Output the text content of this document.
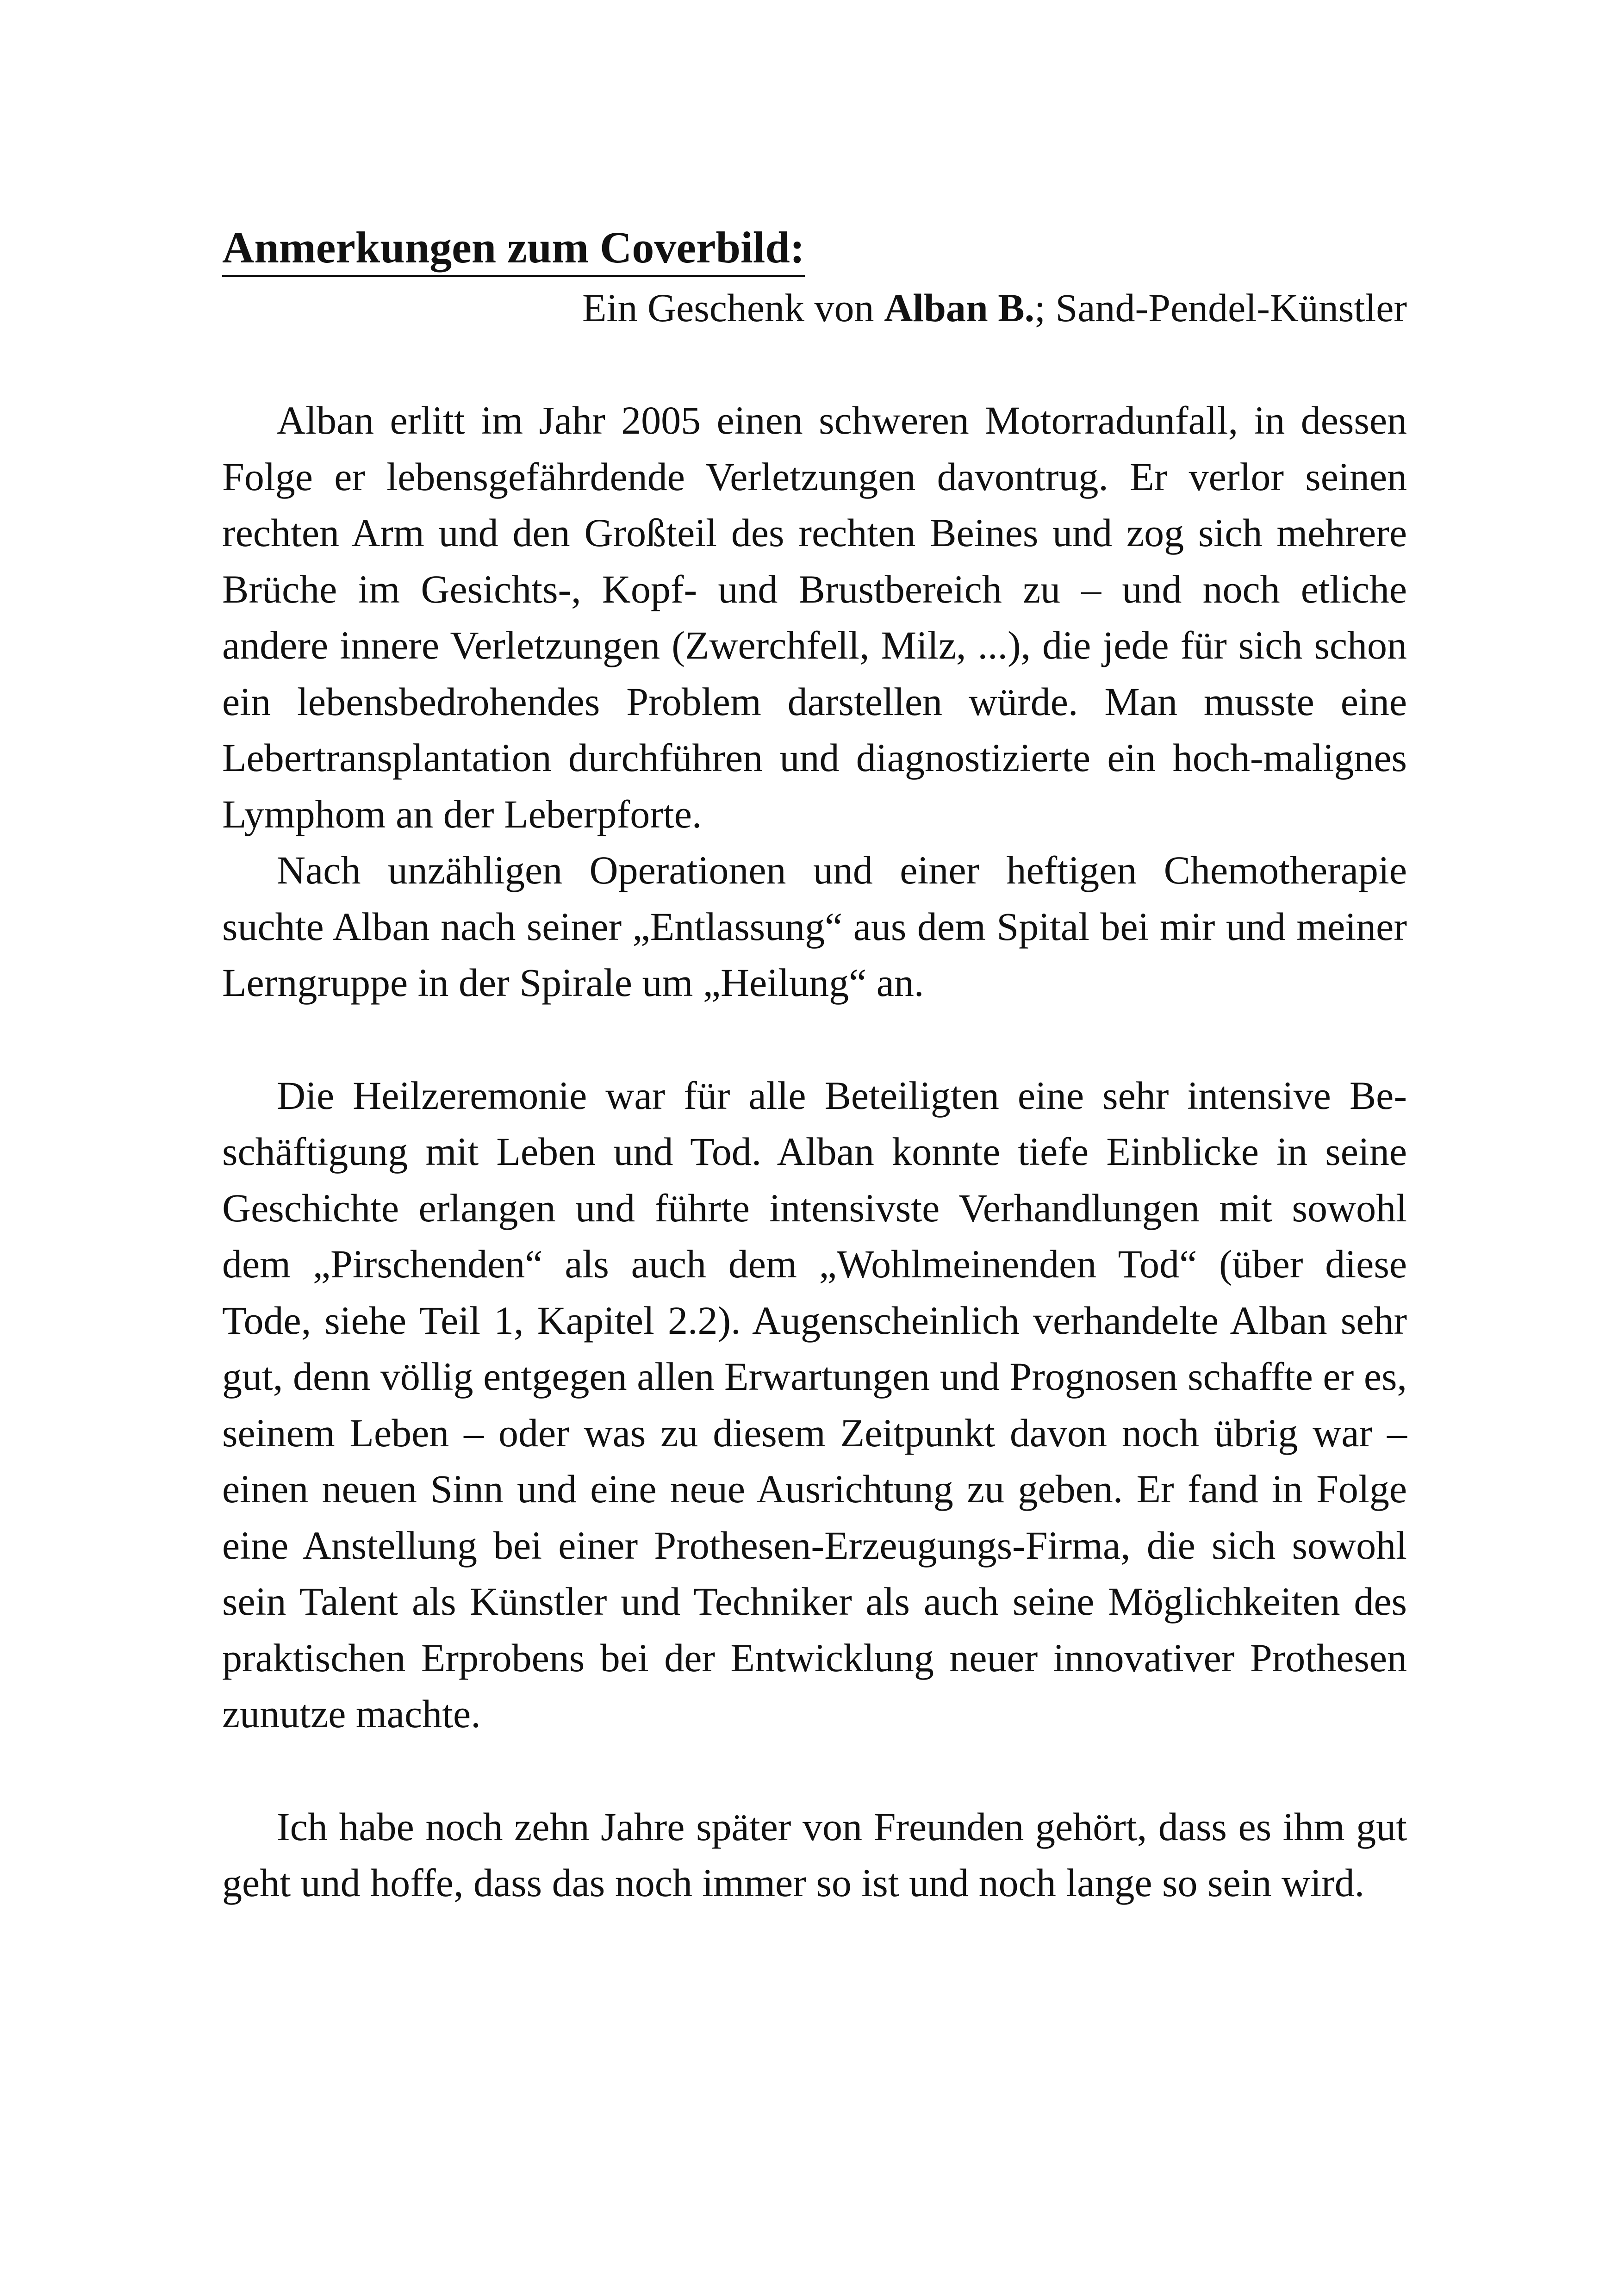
Anmerkungen zum Coverbild:

Ein Geschenk von Alban B.; Sand-Pendel-Künstler

Alban erlitt im Jahr 2005 einen schweren Motorradunfall, in dessen Folge er lebensgefährdende Verletzungen davontrug. Er verlor seinen rechten Arm und den Großteil des rechten Beines und zog sich mehrere Brüche im Gesichts-, Kopf- und Brustbereich zu – und noch etliche andere innere Verletzungen (Zwerchfell, Milz, ...), die jede für sich schon ein lebensbedrohendes Problem darstellen würde. Man musste eine Lebertransplantation durchführen und diagnostizierte ein hoch-malignes Lymphom an der Leberpforte.

Nach unzähligen Operationen und einer heftigen Chemotherapie suchte Alban nach seiner „Entlassung“ aus dem Spital bei mir und meiner Lerngruppe in der Spirale um „Heilung“ an.

Die Heilzeremonie war für alle Beteiligten eine sehr intensive Beschäftigung mit Leben und Tod. Alban konnte tiefe Einblicke in seine Geschichte erlangen und führte intensivste Verhandlungen mit sowohl dem „Pirschenden“ als auch dem „Wohlmeinenden Tod“ (über diese Tode, siehe Teil 1, Kapitel 2.2). Augenscheinlich verhandelte Alban sehr gut, denn völlig entgegen allen Erwartungen und Prognosen schaffte er es, seinem Leben – oder was zu diesem Zeitpunkt davon noch übrig war – einen neuen Sinn und eine neue Ausrichtung zu geben. Er fand in Folge eine Anstellung bei einer Prothesen-Erzeugungs-Firma, die sich sowohl sein Talent als Künstler und Techniker als auch seine Möglichkeiten des praktischen Erprobens bei der Entwicklung neuer innovativer Prothesen zunutze machte.

Ich habe noch zehn Jahre später von Freunden gehört, dass es ihm gut geht und hoffe, dass das noch immer so ist und noch lange so sein wird.
